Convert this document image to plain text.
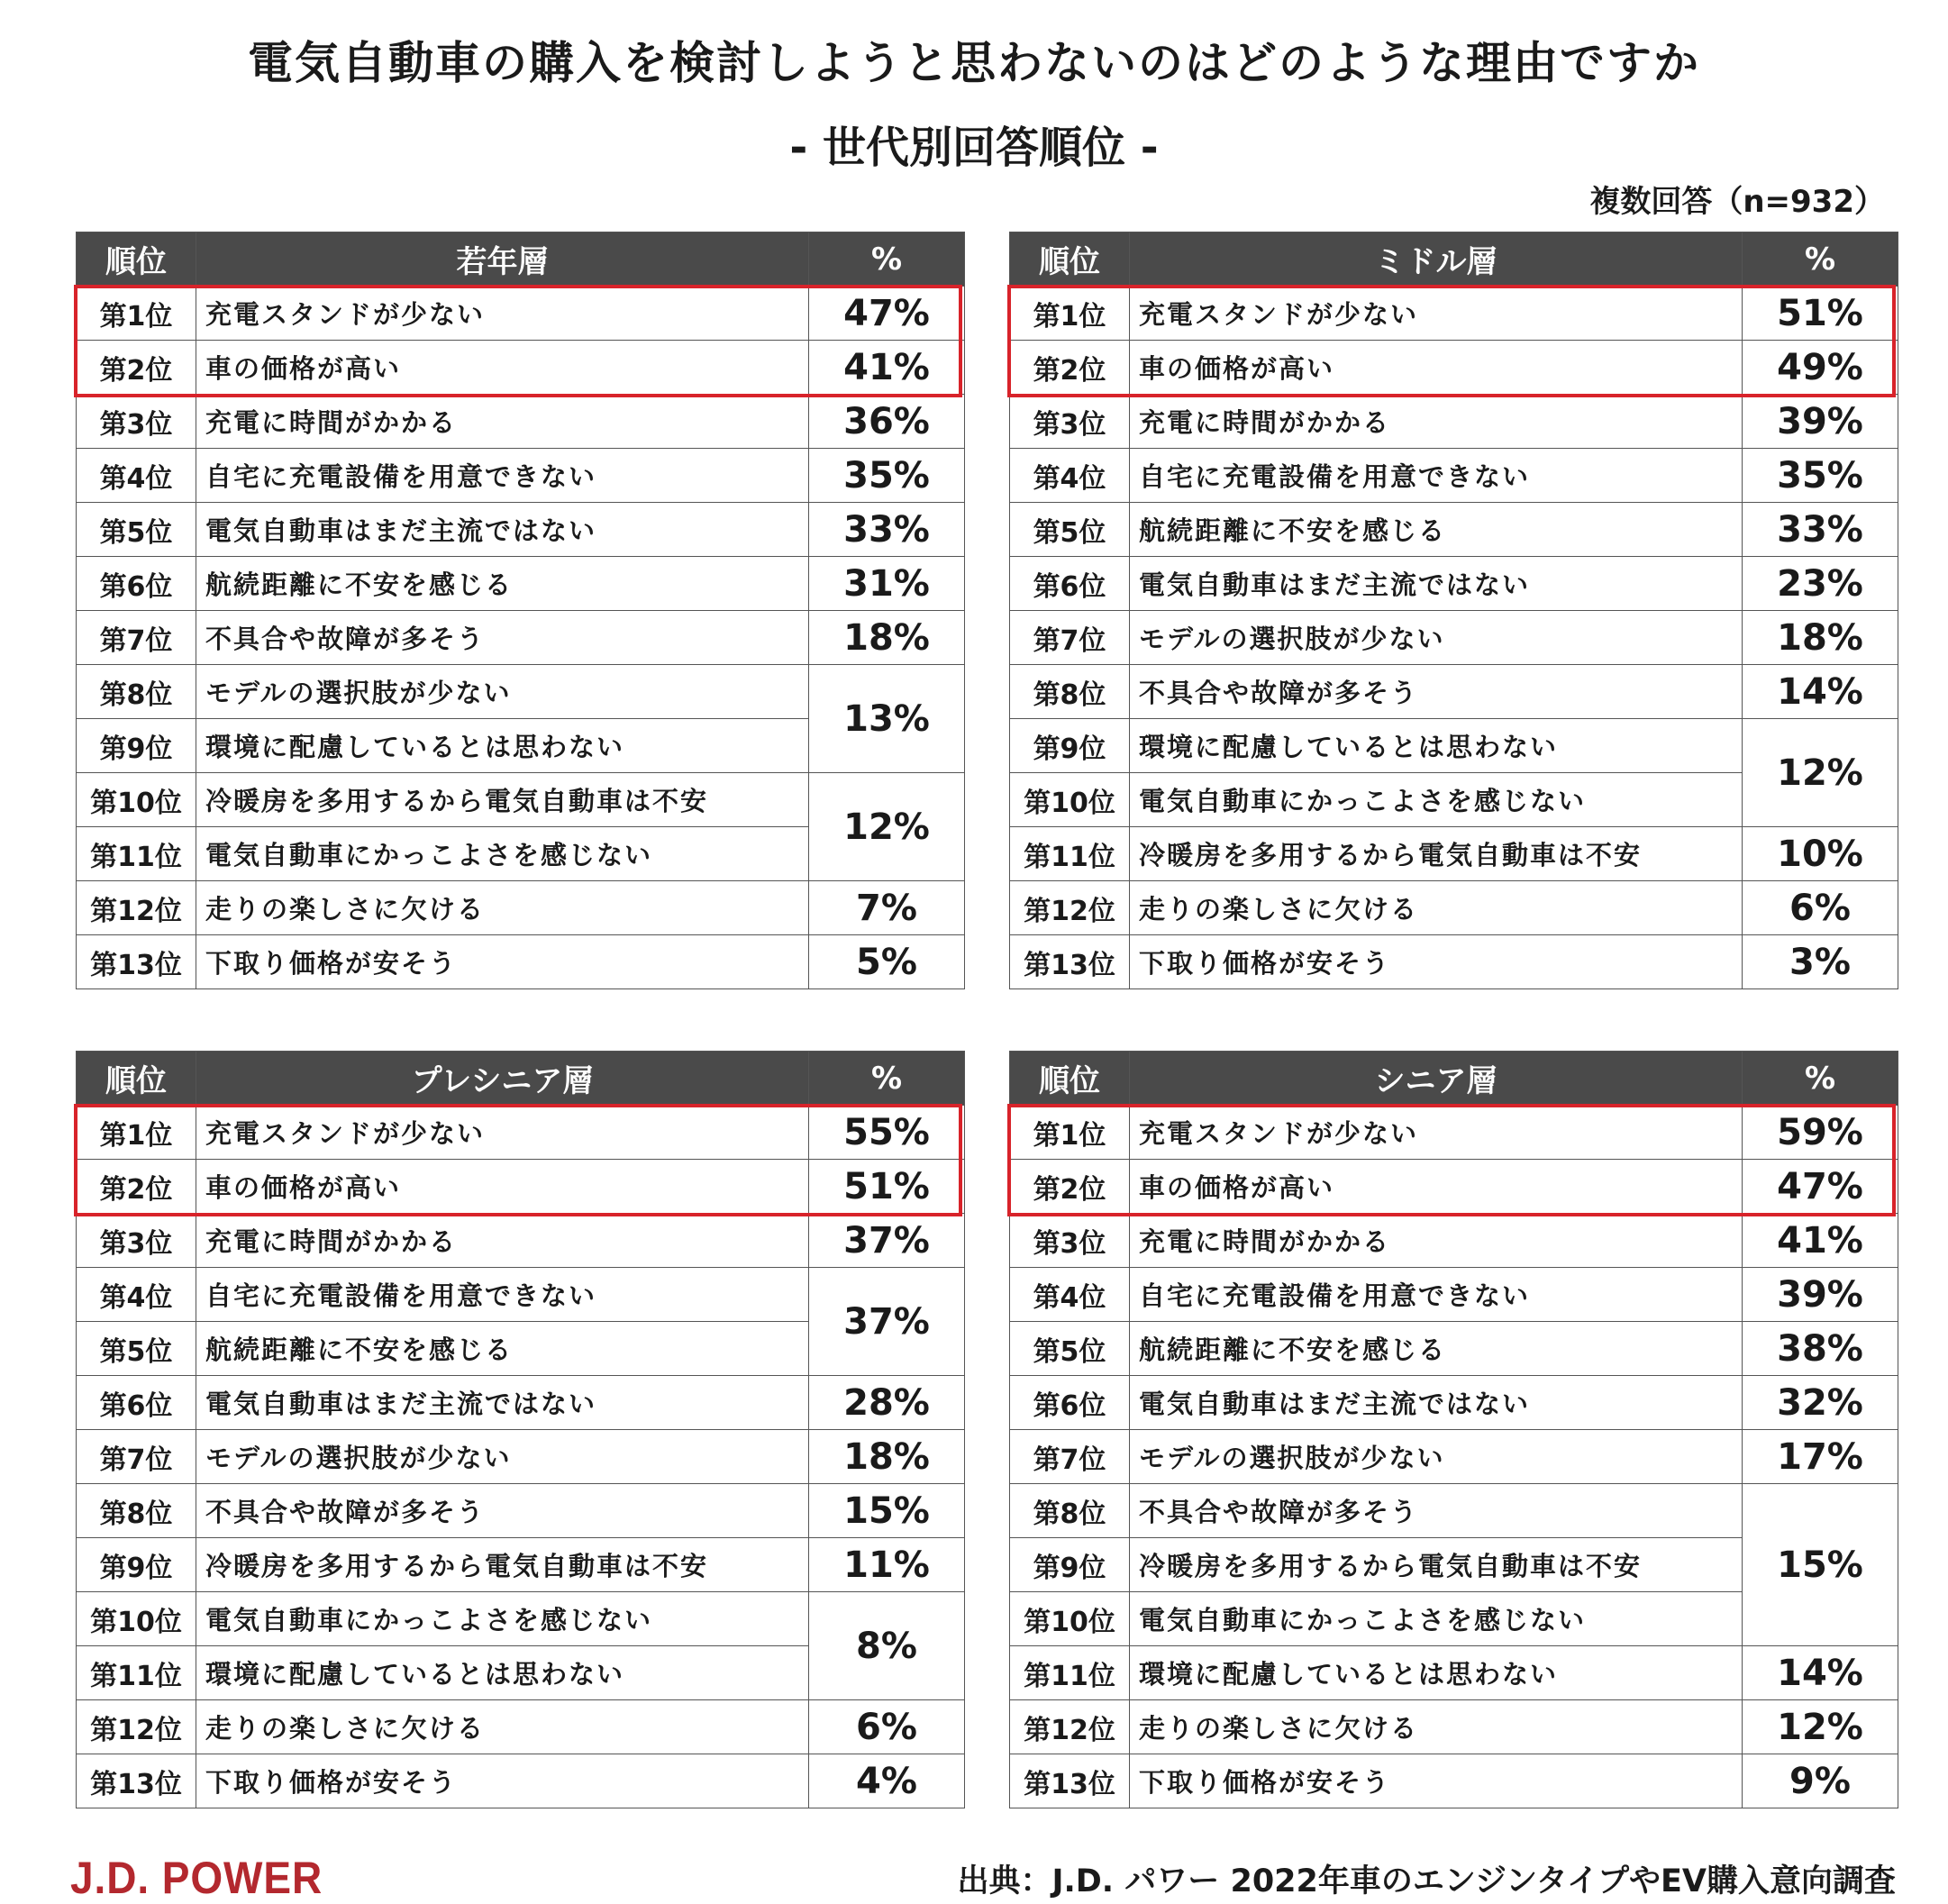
電気自動車の購入を検討しようと思わないのはどのような理由ですか
- 世代別回答順位 -
複数回答（n=932）
順位	若年層	%
第1位	充電スタンドが少ない	47%
第2位	車の価格が高い	41%
第3位	充電に時間がかかる	36%
第4位	自宅に充電設備を用意できない	35%
第5位	電気自動車はまだ主流ではない	33%
第6位	航続距離に不安を感じる	31%
第7位	不具合や故障が多そう	18%
第8位	モデルの選択肢が少ない	13%
第9位	環境に配慮しているとは思わない	
第10位	冷暖房を多用するから電気自動車は不安	12%
第11位	電気自動車にかっこよさを感じない	
第12位	走りの楽しさに欠ける	7%
第13位	下取り価格が安そう	5%
順位	ミドル層	%
第1位	充電スタンドが少ない	51%
第2位	車の価格が高い	49%
第3位	充電に時間がかかる	39%
第4位	自宅に充電設備を用意できない	35%
第5位	航続距離に不安を感じる	33%
第6位	電気自動車はまだ主流ではない	23%
第7位	モデルの選択肢が少ない	18%
第8位	不具合や故障が多そう	14%
第9位	環境に配慮しているとは思わない	12%
第10位	電気自動車にかっこよさを感じない	
第11位	冷暖房を多用するから電気自動車は不安	10%
第12位	走りの楽しさに欠ける	6%
第13位	下取り価格が安そう	3%
順位	プレシニア層	%
第1位	充電スタンドが少ない	55%
第2位	車の価格が高い	51%
第3位	充電に時間がかかる	37%
第4位	自宅に充電設備を用意できない	37%
第5位	航続距離に不安を感じる	
第6位	電気自動車はまだ主流ではない	28%
第7位	モデルの選択肢が少ない	18%
第8位	不具合や故障が多そう	15%
第9位	冷暖房を多用するから電気自動車は不安	11%
第10位	電気自動車にかっこよさを感じない	8%
第11位	環境に配慮しているとは思わない	
第12位	走りの楽しさに欠ける	6%
第13位	下取り価格が安そう	4%
順位	シニア層	%
第1位	充電スタンドが少ない	59%
第2位	車の価格が高い	47%
第3位	充電に時間がかかる	41%
第4位	自宅に充電設備を用意できない	39%
第5位	航続距離に不安を感じる	38%
第6位	電気自動車はまだ主流ではない	32%
第7位	モデルの選択肢が少ない	17%
第8位	不具合や故障が多そう	15%
第9位	冷暖房を多用するから電気自動車は不安	
第10位	電気自動車にかっこよさを感じない	
第11位	環境に配慮しているとは思わない	14%
第12位	走りの楽しさに欠ける	12%
第13位	下取り価格が安そう	9%
J.D. POWER	出典：J.D. パワー 2022年車のエンジンタイプやEV購入意向調査
